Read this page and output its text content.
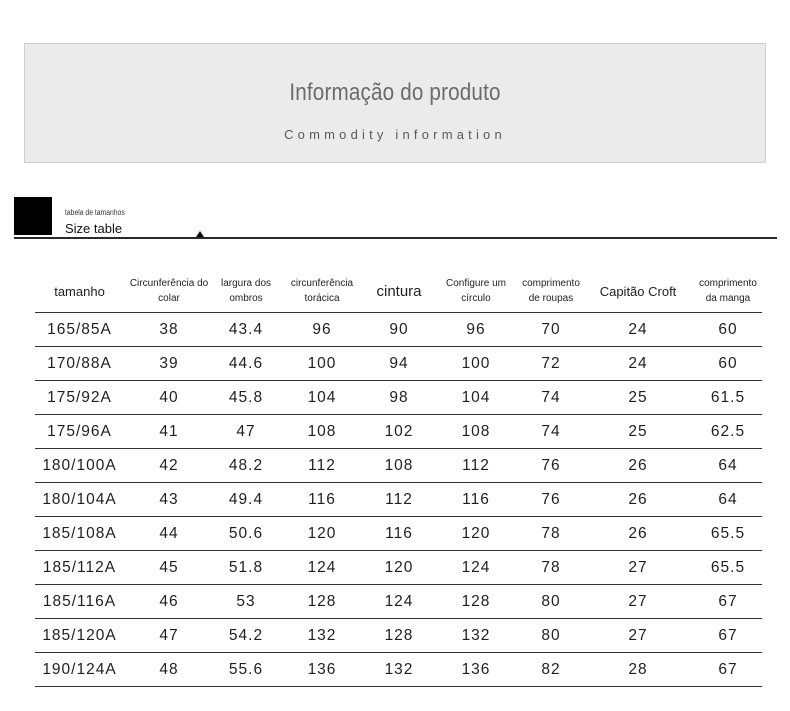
Informação do produto
Commodity information
tabela de tamanhos
Size table
tamanho	Circunferência do colar	largura dos ombros	circunferência torácica	cintura	Configure um círculo	comprimento de roupas	Capitão Croft	comprimento da manga
165/85A	38	43.4	96	90	96	70	24	60
170/88A	39	44.6	100	94	100	72	24	60
175/92A	40	45.8	104	98	104	74	25	61.5
175/96A	41	47	108	102	108	74	25	62.5
180/100A	42	48.2	112	108	112	76	26	64
180/104A	43	49.4	116	112	116	76	26	64
185/108A	44	50.6	120	116	120	78	26	65.5
185/112A	45	51.8	124	120	124	78	27	65.5
185/116A	46	53	128	124	128	80	27	67
185/120A	47	54.2	132	128	132	80	27	67
190/124A	48	55.6	136	132	136	82	28	67
